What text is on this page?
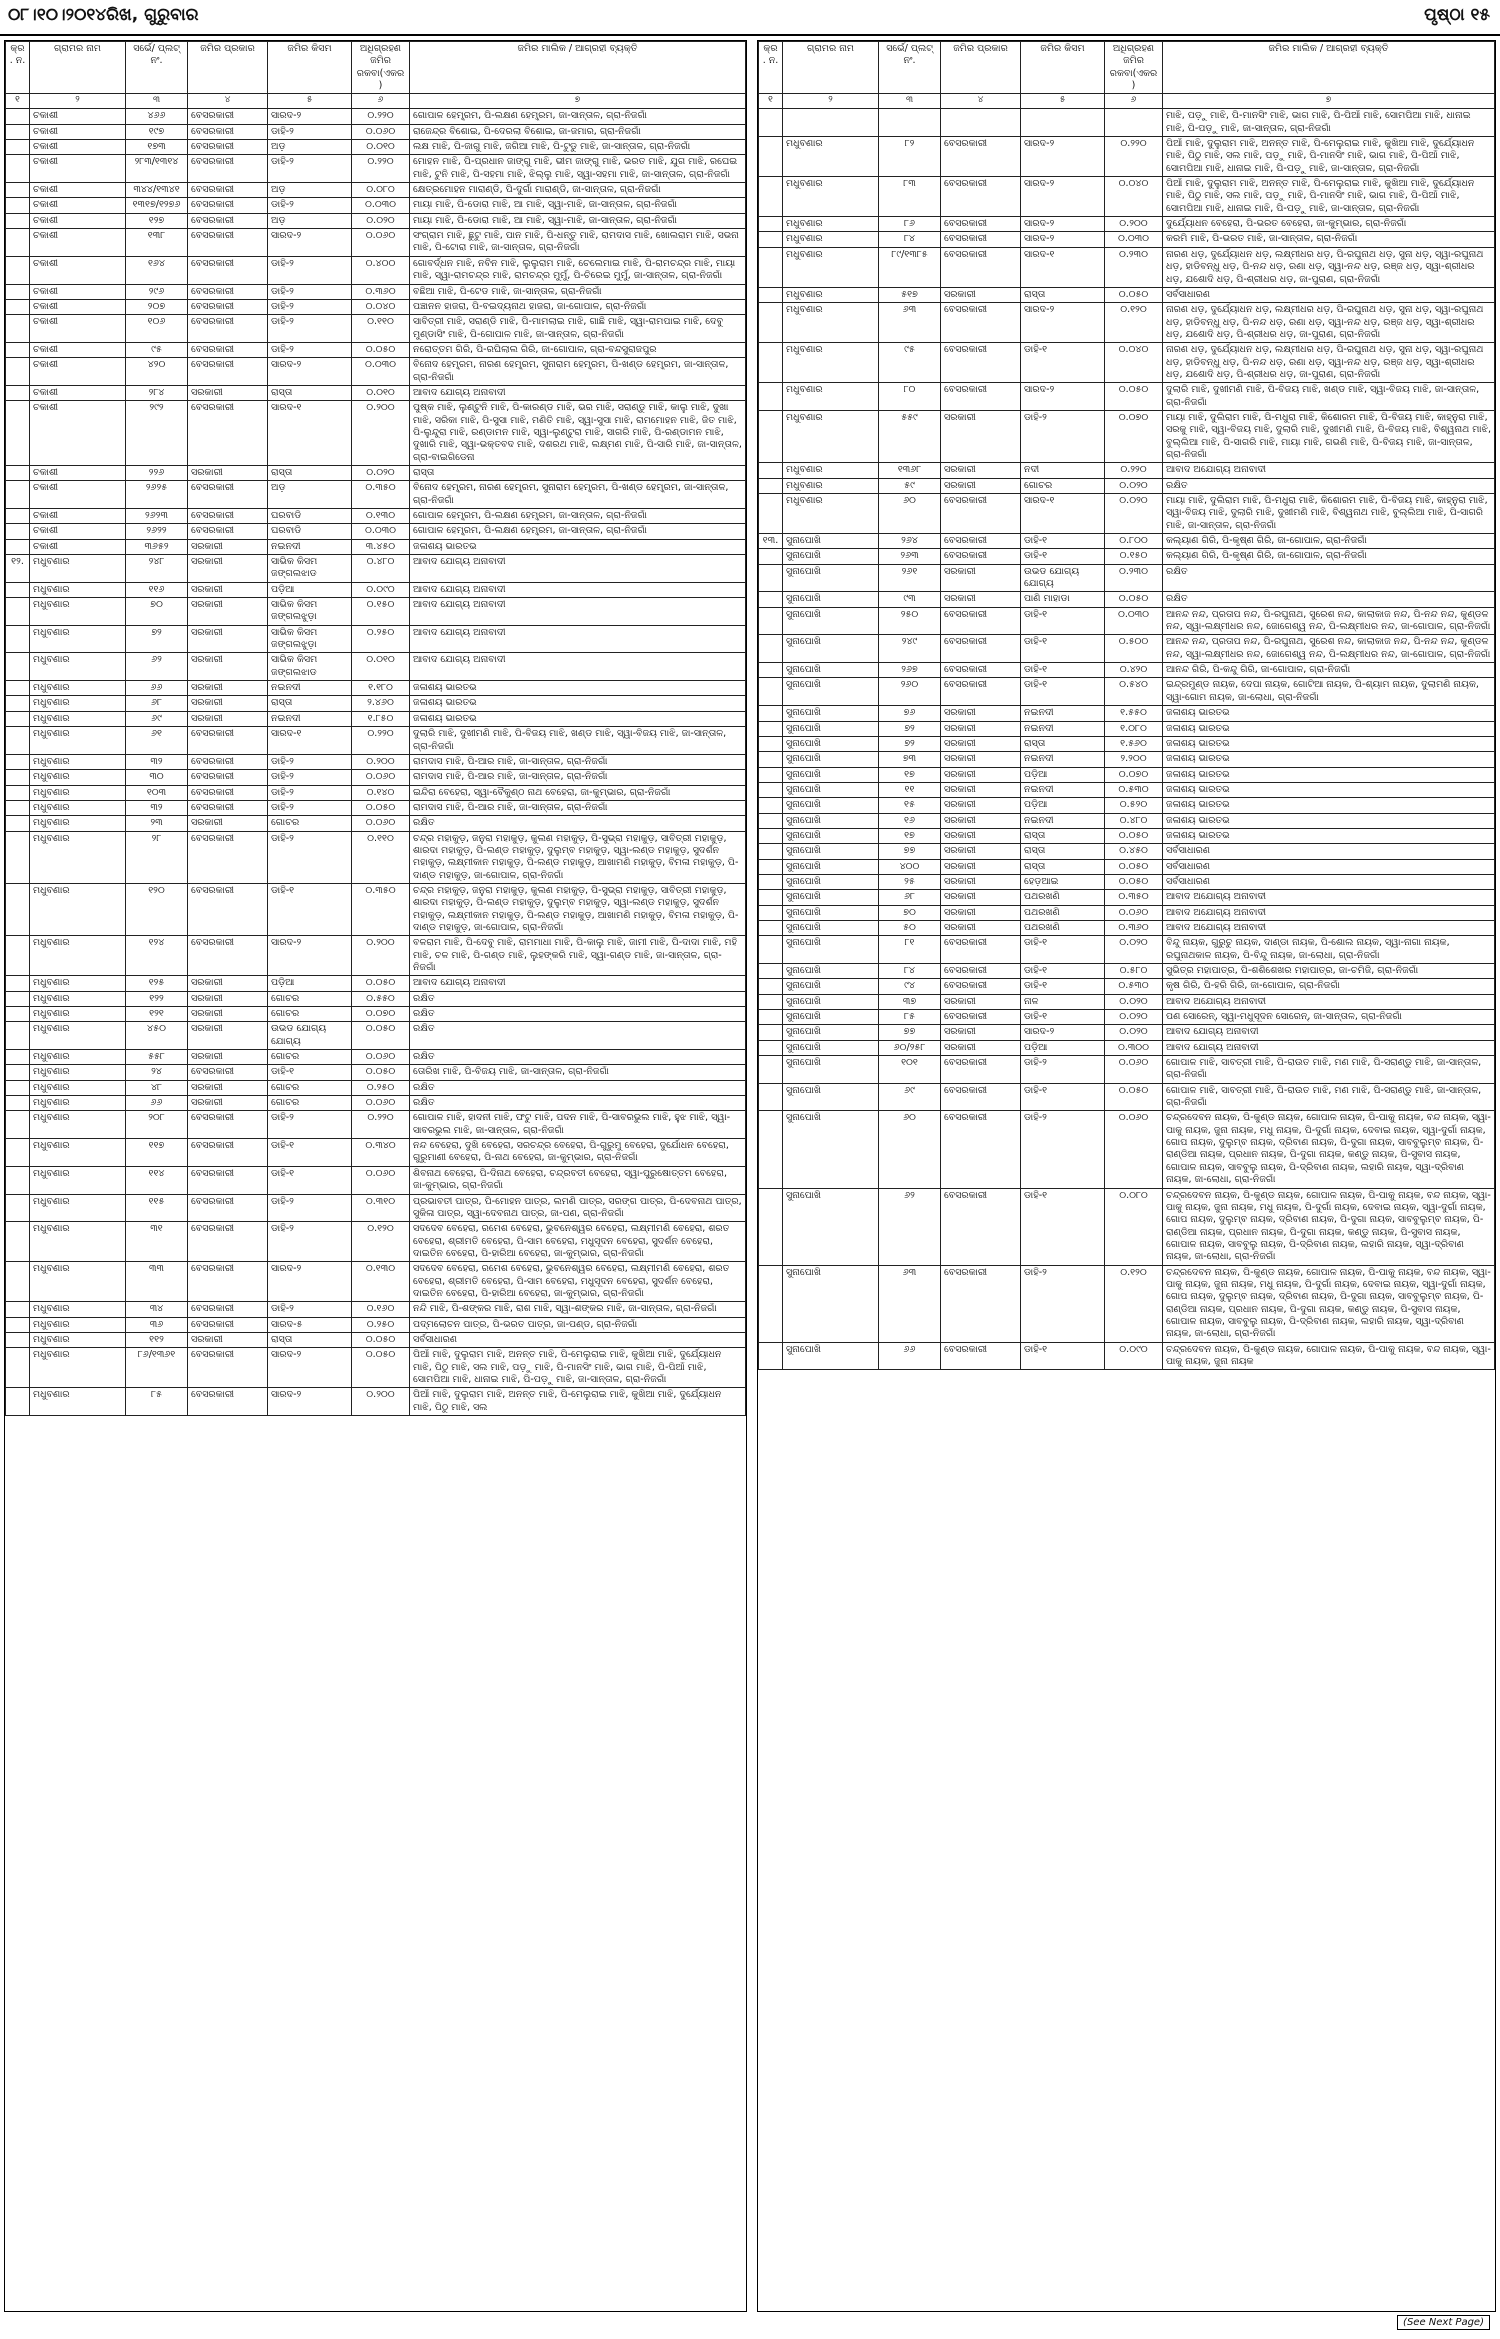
୦୮।୧୦।୨୦୧୪ରିଖ, ଗୁରୁବାର	ପୃଷ୍ଠା ୧୫
କ୍ର. ନ.	ଗ୍ରାମର ନାମ	ସର୍ଭେ/ ପ୍ଲଟ୍ ନଂ.	ଜମିର ପ୍ରକାର	ଜମିର କିସମ	ଅଧିଗ୍ରହଣ ଜମିର ରକବା(ଏକର)	ଜମିର ମାଲିକ / ଆଗ୍ରହୀ ବ୍ୟକ୍ତି
୧	୨	୩	୪	୫	୬	୭
	ଚକାଶୀ	୪୬୬	ବେସରକାରୀ	ସାରଦ-୨	୦.୨୨୦	ଗୋପାଳ ହେମ୍ବ୍ରମ, ପି-ଲକ୍ଷଣ ହେମ୍ବ୍ରମ, ଜା-ସାନ୍ତାଳ, ଗ୍ରା-ନିଜଗାଁ
	ଚକାଶୀ	୧୯୭	ବେସରକାରୀ	ଡାହି-୨	୦.୦୬୦	ରାଜେନ୍ଦ୍ର ବିଶୋଇ, ପି-ଦେରଲା ବିଶୋଇ, ଜା-ଜମାର, ଗ୍ରା-ନିଜଗାଁ
	ଚକାଶୀ	୧୭୩	ବେସରକାରୀ	ଅଡ଼	୦.୦୧୦	ଲକ୍ଷ ମାଝି, ପି-ଜାଗୁ ମାଝି, ଜଗିଆ ମାଝି, ପି-ଟୁଡୁ ମାଝି, ଜା-ସାନ୍ତାଳ, ଗ୍ରା-ନିଜଗାଁ
	ଚକାଶୀ	୨୮୩/୧୩୧୪	ବେସରକାରୀ	ଡାହି-୨	୦.୨୨୦	ମୋହନ ମାଝି, ପି-ପ୍ରଧାନ ଜାଙ୍ଗୁ ମାଝି, ଭୀମ ଜାଙ୍ଗୁ ମାଝି, ଭରତ ମାଝି, ଯୁଗ ମାଝି, ରଘେଇ ମାଝି, ଟୁନି ମାଝି, ପି-ସହମା ମାଝି, ଝିଲ୍ଲୁ ମାଝି, ସ୍ୱା-ସହମା ମାଝି, ଜା-ସାନ୍ତାଳ, ଗ୍ରା-ନିଜଗାଁ
	ଚକାଶୀ	୩୪୪/୧୩୪୧	ବେସରକାରୀ	ଅଡ଼	୦.୦୮୦	କ୍ଷେତ୍ରମୋହନ ମାରାଣ୍ଡି, ପି-ଦୁର୍ଗା ମାରାଣ୍ଡି, ଜା-ସାନ୍ତାଳ, ଗ୍ରା-ନିଜଗାଁ
	ଚକାଶୀ	୧୩୧୭/୧୨୭୬	ବେସରକାରୀ	ଡାହି-୨	୦.୦୩୦	ମାୟା ମାଝି, ପି-ଡୋରା ମାଝି, ଆ ମାଝି, ସ୍ୱା-ମାଝି, ଜା-ସାନ୍ତାଳ, ଗ୍ରା-ନିଜଗାଁ
	ଚକାଶୀ	୧୨୭	ବେସରକାରୀ	ଅଡ଼	୦.୦୨୦	ମାୟା ମାଝି, ପି-ଡୋରା ମାଝି, ଆ ମାଝି, ସ୍ୱା-ମାଝି, ଜା-ସାନ୍ତାଳ, ଗ୍ରା-ନିଜଗାଁ
	ଚକାଶୀ	୧୩୮	ବେସରକାରୀ	ସାରଦ-୨	୦.୦୬୦	ସଂଗ୍ରାମ ମାଝି, ଛୁଟୁ ମାଝି, ପାନ ମାଝି, ପି-ଧନ୍ତୁ ମାଝି, ରାମଦାସ ମାଝି, ଖୋଲରାମ ମାଝି, ସଭନା ମାଝି, ପି-ଟୋରା ମାଝି, ଜା-ସାନ୍ତାଳ, ଗ୍ରା-ନିଜଗାଁ
	ଚକାଶୀ	୧୬୪	ବେସରକାରୀ	ଡାହି-୨	୦.୪୦୦	ଗୋବର୍ଦ୍ଧନ ମାଝି, ନବିନ ମାଝି, ଲୁଲୁରାମ ମାଝି, ଚେଲେମାଇ ମାଝି, ପି-ରାମଚନ୍ଦ୍ର ମାଝି, ମାୟା ମାଝି, ସ୍ୱା-ରାମଚନ୍ଦ୍ର ମାଝି, ରାମଚନ୍ଦ୍ର ମୁର୍ମୁ, ପି-ଚିରେଇ ମୁର୍ମୁ, ଜା-ସାନ୍ତାଳ, ଗ୍ରା-ନିଜଗାଁ
	ଚକାଶୀ	୨୯୬	ବେସରକାରୀ	ଡାହି-୨	୦.୩୬୦	ବଛିଆ ମାଝି, ପି-ଟେଡ ମାଝି, ଜା-ସାନ୍ତାଳ, ଗ୍ରା-ନିଜଗାଁ
	ଚକାଶୀ	୨୦୭	ବେସରକାରୀ	ଡାହି-୨	୦.୦୪୦	ପଞ୍ଚାନନ ହାଜରା, ପି-ବଇଦ୍ୟନାଥ ହାଜରା, ଜା-ଗୋପାଳ, ଗ୍ରା-ନିଜଗାଁ
	ଚକାଶୀ	୧୦୬	ବେସରକାରୀ	ଡାହି-୨	୦.୧୧୦	ସାବିତ୍ରୀ ମାଝି, ସରାଣ୍ଡି ମାଝି, ପି-ମାମଲାଇ ମାଝି, ଗାଛି ମାଝି, ସ୍ୱା-ରାମପାଇ ମାଝି, ଦେବୁ ମୁଣ୍ଡାସିଂ ମାଝି, ପି-ଗୋପାଳ ମାଝି, ଜା-ସାନ୍ତାଳ, ଗ୍ରା-ନିଜଗାଁ
	ଚକାଶୀ	୯୫	ବେସରକାରୀ	ଡାହି-୨	୦.୦୫୦	ନରୋତ୍ତମ ଗିରି, ପି-ରଘିଲାଲ ଗିରି, ଜା-ଗୋପାଳ, ଗ୍ରା-ବନ୍ଦସୁରାଜପୁର
	ଚକାଶୀ	୪୨୦	ବେସରକାରୀ	ସାରଦ-୨	୦.୦୩୦	ବିନୋଦ ହେମ୍ବ୍ରମ, ନାରଣ ହେମ୍ବ୍ରମ, ସୁନାରାମ ହେମ୍ବ୍ରମ, ପି-ଖଣ୍ଡ ହେମ୍ବ୍ରମ, ଜା-ସାନ୍ତାଳ, ଗ୍ରା-ନିଜଗାଁ
	ଚକାଶୀ	୨୮୪	ସରକାରୀ	ରାସ୍ତା	୦.୦୧୦	ଆବାଦ ଯୋଗ୍ୟ ଅନାବାଦୀ
	ଚକାଶୀ	୨୯୨	ବେସରକାରୀ	ସାରଦ-୧	୦.୨୦୦	ପୁଷ୍କ ମାଝି, ଲୁଣ୍ଟୁନି ମାଝି, ପି-କାରଣ୍ଡ ମାଝି, ଭର ମାଝି, ସରାଣ୍ଡୁ ମାଝି, କାଲୁ ମାଝି, ଦୁଖା ମାଝି, ସରିକା ମାଝି, ପି-ସୁସା ମାଝି, ମଣିତି ମାଝି, ସ୍ୱା-ସୁସା ମାଝି, ରାମମୋହନ ମାଝି, ଜିତ ମାଝି, ପି-ଲୁନ୍ଦୁରା ମାଝି, ରଣ୍ଡାମନ ମାଝି, ସ୍ୱା-ଲୁଣ୍ଟୁରା ମାଝି, ସାଗରି ମାଝି, ପି-ରଣ୍ଡାମନ ମାଝି, ଦୁଖାରି ମାଝି, ସ୍ୱା-ଭକ୍ତବଦ ମାଝି, ଦଶରଥ ମାଝି, ଲକ୍ଷ୍ମଣ ମାଝି, ପି-ସାରି ମାଝି, ଜା-ସାନ୍ତାଳ, ଗ୍ରା-ବାଇଗିଡେନା
	ଚକାଶୀ	୨୨୬	ସରକାରୀ	ରାସ୍ତା	୦.୦୨୦	ରାସ୍ତା
	ଚକାଶୀ	୨୬୨୫	ବେସରକାରୀ	ଅଡ଼	୦.୩୫୦	ବିନୋଦ ହେମ୍ବ୍ରମ, ନାରଣ ହେମ୍ବ୍ରମ, ସୁନାରାମ ହେମ୍ବ୍ରମ, ପି-ଖଣ୍ଡ ହେମ୍ବ୍ରମ, ଜା-ସାନ୍ତାଳ, ଗ୍ରା-ନିଜଗାଁ
	ଚକାଶୀ	୨୬୨୩	ବେସରକାରୀ	ଘରବାଡି	୦.୧୩୦	ଗୋପାଳ ହେମ୍ବ୍ରମ, ପି-ଲକ୍ଷଣ ହେମ୍ବ୍ରମ, ଜା-ସାନ୍ତାଳ, ଗ୍ରା-ନିଜଗାଁ
	ଚକାଶୀ	୨୬୨୨	ବେସରକାରୀ	ଘରବାଡି	୦.୦୩୦	ଗୋପାଳ ହେମ୍ବ୍ରମ, ପି-ଲକ୍ଷଣ ହେମ୍ବ୍ରମ, ଜା-ସାନ୍ତାଳ, ଗ୍ରା-ନିଜଗାଁ
	ଚକାଶୀ	୩୬୫୨	ସରକାରୀ	ନଇନଦୀ	୩.୪୫୦	ଜଳାଶୟ ଭାରତଭ
୧୨.	ମଧୁବଣାର	୨୪୮	ସରକାରୀ	ସାଭିକ କିସମ ଜଙ୍ଗଲଝାଡ	୦.୪୮୦	ଆବାଦ ଯୋଗ୍ୟ ଅନାବାଦୀ
	ମଧୁବଣାର	୧୧୬	ସରକାରୀ	ପଡ଼ିଆ	୦.୦୯୦	ଆବାଦ ଯୋଗ୍ୟ ଅନାବାଦୀ
	ମଧୁବଣାର	୭୦	ସରକାରୀ	ସାଭିକ କିସମ ଜଙ୍ଗଲଝୁଡ଼ା	୦.୧୫୦	ଆବାଦ ଯୋଗ୍ୟ ଅନାବାଦୀ
	ମଧୁବଣାର	୭୨	ସରକାରୀ	ସାଭିକ କିସମ ଜଙ୍ଗଲଝୁଡ଼ା	୦.୨୫୦	ଆବାଦ ଯୋଗ୍ୟ ଅନାବାଦୀ
	ମଧୁବଣାର	୬୨	ସରକାରୀ	ସାଭିକ କିସମ ଜଙ୍ଗଲଝାଡ	୦.୦୧୦	ଆବାଦ ଯୋଗ୍ୟ ଅନାବାଦୀ
	ମଧୁବଣାର	୬୬	ସରକାରୀ	ନଇନଦୀ	୧.୧୮୦	ଜଳାଶୟ ଭାରତଭ
	ମଧୁବଣାର	୬୮	ସରକାରୀ	ରାସ୍ତା	୨.୪୬୦	ଜଳାଶୟ ଭାରତଭ
	ମଧୁବଣାର	୬୯	ସରକାରୀ	ନଇନଦୀ	୧.୮୫୦	ଜଳାଶୟ ଭାରତଭ
	ମଧୁବଣାର	୬୧	ବେସରକାରୀ	ସାରଦ-୧	୦.୨୨୦	ଦୁଲାରି ମାଝି, ଦୁଖୀମଣି ମାଝି, ପି-ବିଜୟ ମାଝି, ଖଣ୍ଡ ମାଝି, ସ୍ୱା-ବିଜୟ ମାଝି, ଜା-ସାନ୍ତାଳ, ଗ୍ରା-ନିଜଗାଁ
	ମଧୁବଣାର	୩୨	ବେସରକାରୀ	ଡାହି-୨	୦.୨୦୦	ରାମଦାସ ମାଝି, ପି-ଆର ମାଝି, ଜା-ସାନ୍ତାଳ, ଗ୍ରା-ନିଜଗାଁ
	ମଧୁବଣାର	୩୦	ବେସରକାରୀ	ଡାହି-୨	୦.୦୬୦	ରାମଦାସ ମାଝି, ପି-ଆର ମାଝି, ଜା-ସାନ୍ତାଳ, ଗ୍ରା-ନିଜଗାଁ
	ମଧୁବଣାର	୧୦୩	ବେସରକାରୀ	ଡାହି-୨	୦.୧୪୦	ଇନ୍ଦିରା ବେହେରା, ସ୍ୱା-ବୈକୁଣ୍ଠ ନାଥ ବେହେରା, ଜା-କୁମ୍ଭାର, ଗ୍ରା-ନିଜଗାଁ
	ମଧୁବଣାର	୩୨	ବେସରକାରୀ	ଡାହି-୨	୦.୦୫୦	ରାମଦାସ ମାଝି, ପି-ଆର ମାଝି, ଜା-ସାନ୍ତାଳ, ଗ୍ରା-ନିଜଗାଁ
	ମଧୁବଣାର	୨୩	ସରକାରୀ	ଗୋଚର	୦.୦୬୦	ରକ୍ଷିତ
	ମଧୁବଣାର	୨୮	ବେସରକାରୀ	ଡାହି-୨	୦.୧୧୦	ଚନ୍ଦ୍ର ମହାକୁଡ଼, ଜନୁରା ମହାକୁଡ଼, କୁଲଣ ମହାକୁଡ଼, ପି-ସୁଭ୍ରା ମହାକୁଡ଼, ସାବିତ୍ରୀ ମହାକୁଡ଼, ଶାରଦା ମହାକୁଡ଼, ପି-ଲଣ୍ଡ ମହାକୁଡ଼, ଦୁଲୁମ୍ବ ମହାକୁଡ଼, ସ୍ୱା-ଲଣ୍ଡ ମହାକୁଡ଼, ସୁଦର୍ଶନ ମହାକୁଡ଼, ଲକ୍ଷ୍ମୀକାନ ମହାକୁଡ଼, ପି-ଲଣ୍ଡ ମହାକୁଡ଼, ଆଖାମଣି ମହାକୁଡ଼, ବିମଳା ମହାକୁଡ଼, ପି-ଦାଣ୍ଡ ମହାକୁଡ଼, ଜା-ଗୋପାଳ, ଗ୍ରା-ନିଜଗାଁ
	ମଧୁବଣାର	୧୨୦	ବେସରକାରୀ	ଡାହି-୧	୦.୩୫୦	ଚନ୍ଦ୍ର ମହାକୁଡ଼, ଜନୁରା ମହାକୁଡ଼, କୁଲଣ ମହାକୁଡ଼, ପି-ସୁଭ୍ରା ମହାକୁଡ଼, ସାବିତ୍ରୀ ମହାକୁଡ଼, ଶାରଦା ମହାକୁଡ଼, ପି-ଲଣ୍ଡ ମହାକୁଡ଼, ଦୁଲୁମ୍ବ ମହାକୁଡ଼, ସ୍ୱା-ଲଣ୍ଡ ମହାକୁଡ଼, ସୁଦର୍ଶନ ମହାକୁଡ଼, ଲକ୍ଷ୍ମୀକାନ ମହାକୁଡ଼, ପି-ଲଣ୍ଡ ମହାକୁଡ଼, ଆଖାମଣି ମହାକୁଡ଼, ବିମଳା ମହାକୁଡ଼, ପି-ଦାଣ୍ଡ ମହାକୁଡ଼, ଜା-ଗୋପାଳ, ଗ୍ରା-ନିଜଗାଁ
	ମଧୁବଣାର	୧୨୪	ବେସରକାରୀ	ସାରଦ-୨	୦.୨୦୦	ବଳରାମ ମାଝି, ପି-ଦେବୁ ମାଝି, ରାମମାଧା ମାଝି, ପି-କାଲୁ ମାଝି, ଜାମୀ ମାଝି, ପି-ଦାଦା ମାଝି, ମହି ମାଝି, ଚଳ ମାଝି, ପି-ଗଣ୍ଡ ମାଝି, ଲୁହଙ୍କରି ମାଝି, ସ୍ୱା-ଗଣ୍ଡ ମାଝି, ଜା-ସାନ୍ତାଳ, ଗ୍ରା-ନିଜଗାଁ
	ମଧୁବଣାର	୧୨୫	ସରକାରୀ	ପଡ଼ିଆ	୦.୦୫୦	ଆବାଦ ଯୋଗ୍ୟ ଅନାବାଦୀ
	ମଧୁବଣାର	୧୨୨	ସରକାରୀ	ଗୋଚର	୦.୫୫୦	ରକ୍ଷିତ
	ମଧୁବଣାର	୧୨୧	ସରକାରୀ	ଗୋଚର	୦.୦୭୦	ରକ୍ଷିତ
	ମଧୁବଣାର	୪୫୦	ସରକାରୀ	ଉଭଡ ଯୋଗ୍ୟ ଯୋଗ୍ୟ	୦.୦୫୦	ରକ୍ଷିତ
	ମଧୁବଣାର	୫୫୮	ସରକାରୀ	ଗୋଚର	୦.୦୬୦	ରକ୍ଷିତ
	ମଧୁବଣାର	୨୪	ବେସରକାରୀ	ଡାହି-୧	୦.୦୫୦	ତୋରିଖ ମାଝି, ପି-ବିଜୟ ମାଝି, ଜା-ସାନ୍ତାଳ, ଗ୍ରା-ନିଜଗାଁ
	ମଧୁବଣାର	୪୮	ସରକାରୀ	ଗୋଚର	୦.୨୫୦	ରକ୍ଷିତ
	ମଧୁବଣାର	୬୬	ସରକାରୀ	ଗୋଚର	୦.୦୬୦	ରକ୍ଷିତ
	ମଧୁବଣାର	୨୦୮	ବେସରକାରୀ	ଡାହି-୨	୦.୨୨୦	ଗୋପାଳ ମାଝି, ହାଦନୀ ମାଝି, ଫଟୁ ମାଝି, ପଦନ ମାଝି, ପି-ସାବରଭୁଲ ମାଝି, ହୁଝ ମାଝି, ସ୍ୱା-ସାବରଭୁଲ ମାଝି, ଜା-ସାନ୍ତାଳ, ଗ୍ରା-ନିଜଗାଁ
	ମଧୁବଣାର	୧୧୭	ବେସରକାରୀ	ଡାହି-୧	୦.୩୪୦	ନନ୍ଦ ବେହେରା, ଦୁଖି ବେହେରା, ସରଚନ୍ଦ୍ର ବେହେରା, ପି-ଗୁରୁମୁ ବେହେରା, ଦୁର୍ଯୋଧନ ବେହେରା, ଗୁରୁମାଣୀ ବେହେରା, ପି-ନାଥ ବେହେରା, ଜା-କୁମ୍ଭାର, ଗ୍ରା-ନିଜଗାଁ
	ମଧୁବଣାର	୧୧୪	ବେସରକାରୀ	ଡାହି-୧	୦.୦୬୦	ଶିବନାଥ ବେହେରା, ପି-ଦିନାଥ ବେହେରା, ଚନ୍ଦ୍ରବତୀ ବେହେରା, ସ୍ୱା-ପୁରୁଷୋତ୍ତମ ବେହେରା, ଜା-କୁମ୍ଭାର, ଗ୍ରା-ନିଜଗାଁ
	ମଧୁବଣାର	୧୧୫	ବେସରକାରୀ	ଡାହି-୨	୦.୩୧୦	ପ୍ରଭାବତୀ ପାତ୍ର, ପି-ମୋହନ ପାତ୍ର, ଲମଣି ପାତ୍ର, ସରଙ୍ଗ ପାତ୍ର, ପି-ଦେବନାଥ ପାତ୍ର, ସୁକିଳା ପାତ୍ର, ସ୍ୱା-ଦେବନାଥ ପାତ୍ର, ଜା-ପଣ, ଗ୍ରା-ନିଜଗାଁ
	ମଧୁବଣାର	୩୧	ବେସରକାରୀ	ଡାହି-୨	୦.୧୨୦	ସଦଦେବ ବେହେରା, ରମେଶ ବେହେରା, ଭୁବନେଶ୍ୱର ବେହେରା, ଲକ୍ଷ୍ମୀମଣି ବେହେରା, ଶରତ ବେହେରା, ଶ୍ରୀମତି ବେହେରା, ପି-ସାମ ବେହେରା, ମଧୁସୂଦନ ବେହେରା, ସୁଦର୍ଶନ ବେହେରା, ଦାଇତିନ ବେହେରା, ପି-ହାରିଆ ବେହେରା, ଜା-କୁମ୍ଭାର, ଗ୍ରା-ନିଜଗାଁ
	ମଧୁବଣାର	୩୩	ବେସରକାରୀ	ସାରଦ-୨	୦.୧୩୦	ସଦଦେବ ବେହେରା, ରମେଶ ବେହେରା, ଭୁବନେଶ୍ୱର ବେହେରା, ଲକ୍ଷ୍ମୀମଣି ବେହେରା, ଶରତ ବେହେରା, ଶ୍ରୀମତି ବେହେରା, ପି-ସାମ ବେହେରା, ମଧୁସୂଦନ ବେହେରା, ସୁଦର୍ଶନ ବେହେରା, ଦାଇତିନ ବେହେରା, ପି-ହାରିଆ ବେହେରା, ଜା-କୁମ୍ଭାର, ଗ୍ରା-ନିଜଗାଁ
	ମଧୁବଣାର	୩୪	ବେସରକାରୀ	ଡାହି-୨	୦.୧୬୦	ନନ୍ଦି ମାଝି, ପି-ଶଙ୍କର ମାଝି, ରାଶ ମାଝି, ସ୍ୱା-ଶଙ୍କର ମାଝି, ଜା-ସାନ୍ତାଳ, ଗ୍ରା-ନିଜଗାଁ
	ମଧୁବଣାର	୩୬	ବେସରକାରୀ	ସାରଦ-୫	୦.୨୫୦	ପଦ୍ମଲୋଚନ ପାତ୍ର, ପି-ଭରତ ପାତ୍ର, ଜା-ପଣ୍ଡ, ଗ୍ରା-ନିଜଗାଁ
	ମଧୁବଣାର	୧୧୨	ସରକାରୀ	ରାସ୍ତା	୦.୦୫୦	ସର୍ବସାଧାରଣ
	ମଧୁବଣାର	୮୬/୧୩୬୧	ବେସରକାରୀ	ସାରଦ-୨	୦.୦୫୦	ପିଆଁ ମାଝି, ଦୁଲୁରାମ ମାଝି, ଅନନ୍ତ ମାଝି, ପି-ମେଲୁରାଇ ମାଝି, କୁଖିଆ ମାଝି, ଦୁର୍ଯ୍ୟୋଧନ ମାଝି, ପିଠୁ ମାଝି, ସଲ ମାଝି, ପଡ଼ୁ ମାଝି, ପି-ମାନସିଂ ମାଝି, ଭାଗ ମାଝି, ପି-ପିଆଁ ମାଝି, ସୋମପିଆ ମାଝି, ଧାନାଇ ମାଝି, ପି-ପଡ଼ୁ ମାଝି, ଜା-ସାନ୍ତାଳ, ଗ୍ରା-ନିଜଗାଁ
	ମଧୁବଣାର	୮୫	ବେସରକାରୀ	ସାରଦ-୨	୦.୨୦୦	ପିଆଁ ମାଝି, ଦୁଲୁରାମ ମାଝି, ଅନନ୍ତ ମାଝି, ପି-ମେଲୁରାଇ ମାଝି, କୁଖିଆ ମାଝି, ଦୁର୍ଯ୍ୟୋଧନ ମାଝି, ପିଠୁ ମାଝି, ସଲ
କ୍ର. ନ.	ଗ୍ରାମର ନାମ	ସର୍ଭେ/ ପ୍ଲଟ୍ ନଂ.	ଜମିର ପ୍ରକାର	ଜମିର କିସମ	ଅଧିଗ୍ରହଣ ଜମିର ରକବା(ଏକର)	ଜମିର ମାଲିକ / ଆଗ୍ରହୀ ବ୍ୟକ୍ତି
୧	୨	୩	୪	୫	୬	୭
						ମାଝି, ପଡ଼ୁ ମାଝି, ପି-ମାନସିଂ ମାଝି, ଭାଗ ମାଝି, ପି-ପିଆଁ ମାଝି, ସୋମପିଆ ମାଝି, ଧାନାଇ ମାଝି, ପି-ପଡ଼ୁ ମାଝି, ଜା-ସାନ୍ତାଳ, ଗ୍ରା-ନିଜଗାଁ
	ମଧୁବଣାର	୮୨	ବେସରକାରୀ	ସାରଦ-୨	୦.୨୨୦	ପିଆଁ ମାଝି, ଦୁଲୁରାମ ମାଝି, ଅନନ୍ତ ମାଝି, ପି-ମେଲୁରାଇ ମାଝି, କୁଖିଆ ମାଝି, ଦୁର୍ଯ୍ୟୋଧନ ମାଝି, ପିଠୁ ମାଝି, ସଲ ମାଝି, ପଡ଼ୁ ମାଝି, ପି-ମାନସିଂ ମାଝି, ଭାଗ ମାଝି, ପି-ପିଆଁ ମାଝି, ସୋମପିଆ ମାଝି, ଧାନାଇ ମାଝି, ପି-ପଡ଼ୁ ମାଝି, ଜା-ସାନ୍ତାଳ, ଗ୍ରା-ନିଜଗାଁ
	ମଧୁବଣାର	୮୩	ବେସରକାରୀ	ସାରଦ-୨	୦.୦୪୦	ପିଆଁ ମାଝି, ଦୁଲୁରାମ ମାଝି, ଅନନ୍ତ ମାଝି, ପି-ମେଲୁରାଇ ମାଝି, କୁଖିଆ ମାଝି, ଦୁର୍ଯ୍ୟୋଧନ ମାଝି, ପିଠୁ ମାଝି, ସଲ ମାଝି, ପଡ଼ୁ ମାଝି, ପି-ମାନସିଂ ମାଝି, ଭାଗ ମାଝି, ପି-ପିଆଁ ମାଝି, ସୋମପିଆ ମାଝି, ଧାନାଇ ମାଝି, ପି-ପଡ଼ୁ ମାଝି, ଜା-ସାନ୍ତାଳ, ଗ୍ରା-ନିଜଗାଁ
	ମଧୁବଣାର	୮୬	ବେସରକାରୀ	ସାରଦ-୨	୦.୨୦୦	ଦୁର୍ଯ୍ୟୋଧନ ବେହେରା, ପି-ଭରତ ବେହେରା, ଜା-କୁମ୍ଭାର, ଗ୍ରା-ନିଜଗାଁ
	ମଧୁବଣାର	୮୪	ବେସରକାରୀ	ସାରଦ-୨	୦.୦୩୦	କରମି ମାଝି, ପି-ଭରତ ମାଝି, ଜା-ସାନ୍ତାଳ, ଗ୍ରା-ନିଜଗାଁ
	ମଧୁବଣାର	୮୯/୧୩୮୫	ବେସରକାରୀ	ସାରଦ-୧	୦.୨୩୦	ନାରଣ ଧଡ଼, ଦୁର୍ଯ୍ୟୋଧନ ଧଡ଼, ଲକ୍ଷ୍ମୀଧର ଧଡ଼, ପି-ରଘୁନାଥ ଧଡ଼, ସୁନା ଧଡ଼, ସ୍ୱା-ରଘୁନାଥ ଧଡ଼, ହାଡିବନ୍ଧୁ ଧଡ଼, ପି-ନନ୍ଦ ଧଡ଼, ରଣା ଧଡ଼, ସ୍ୱା-ନନ୍ଦ ଧଡ଼, ରଞ୍ଜ ଧଡ଼, ସ୍ୱା-ଶ୍ରୀଧର ଧଡ଼, ଯଶୋଦି ଧଡ଼, ପି-ଶ୍ରୀଧର ଧଡ଼, ଜା-ପୁରାଣ, ଗ୍ରା-ନିଜଗାଁ
	ମଧୁବଣାର	୫୧୭	ସରକାରୀ	ରାସ୍ତା	୦.୦୫୦	ସର୍ବସାଧାରଣ
	ମଧୁବଣାର	୬୩	ବେସରକାରୀ	ସାରଦ-୨	୦.୧୨୦	ନାରଣ ଧଡ଼, ଦୁର୍ଯ୍ୟୋଧନ ଧଡ଼, ଲକ୍ଷ୍ମୀଧର ଧଡ଼, ପି-ରଘୁନାଥ ଧଡ଼, ସୁନା ଧଡ଼, ସ୍ୱା-ରଘୁନାଥ ଧଡ଼, ହାଡିବନ୍ଧୁ ଧଡ଼, ପି-ନନ୍ଦ ଧଡ଼, ରଣା ଧଡ଼, ସ୍ୱା-ନନ୍ଦ ଧଡ଼, ରଞ୍ଜ ଧଡ଼, ସ୍ୱା-ଶ୍ରୀଧର ଧଡ଼, ଯଶୋଦି ଧଡ଼, ପି-ଶ୍ରୀଧର ଧଡ଼, ଜା-ପୁରାଣ, ଗ୍ରା-ନିଜଗାଁ
	ମଧୁବଣାର	୯୫	ବେସରକାରୀ	ଡାହି-୧	୦.୦୪୦	ନାରଣ ଧଡ଼, ଦୁର୍ଯ୍ୟୋଧନ ଧଡ଼, ଲକ୍ଷ୍ମୀଧର ଧଡ଼, ପି-ରଘୁନାଥ ଧଡ଼, ସୁନା ଧଡ଼, ସ୍ୱା-ରଘୁନାଥ ଧଡ଼, ହାଡିବନ୍ଧୁ ଧଡ଼, ପି-ନନ୍ଦ ଧଡ଼, ରଣା ଧଡ଼, ସ୍ୱା-ନନ୍ଦ ଧଡ଼, ରଞ୍ଜ ଧଡ଼, ସ୍ୱା-ଶ୍ରୀଧର ଧଡ଼, ଯଶୋଦି ଧଡ଼, ପି-ଶ୍ରୀଧର ଧଡ଼, ଜା-ପୁରାଣ, ଗ୍ରା-ନିଜଗାଁ
	ମଧୁବଣାର	୮୦	ବେସରକାରୀ	ସାରଦ-୨	୦.୦୫୦	ଦୁଲାରି ମାଝି, ଦୁଖୀମଣି ମାଝି, ପି-ବିଜୟ ମାଝି, ଖଣ୍ଡ ମାଝି, ସ୍ୱା-ବିଜୟ ମାଝି, ଜା-ସାନ୍ତାଳ, ଗ୍ରା-ନିଜଗାଁ
	ମଧୁବଣାର	୫୫୯	ସରକାରୀ	ଡାହି-୨	୦.୦୭୦	ମାୟା ମାଝି, ଦୁଲିରାମ ମାଝି, ପି-ମଧୁରା ମାଝି, କିଶୋରମ ମାଝି, ପି-ବିଜୟ ମାଝି, କାହ୍ନୁରା ମାଝି, ସରକୁ ମାଝି, ସ୍ୱା-ବିଜୟ ମାଝି, ଦୁଲାରି ମାଝି, ଦୁଖୀମଣି ମାଝି, ପି-ବିଜୟ ମାଝି, ବିଶ୍ୱନାଥ ମାଝି, ବୁଲ୍ଲିଆ ମାଝି, ପି-ସାଗରି ମାଝି, ମାୟା ମାଝି, ଗଭଣି ମାଝି, ପି-ବିଜୟ ମାଝି, ଜା-ସାନ୍ତାଳ, ଗ୍ରା-ନିଜଗାଁ
	ମଧୁବଣାର	୧୩୬୮	ସରକାରୀ	ନଦୀ	୦.୨୨୦	ଆବାଦ ଅଯୋଗ୍ୟ ଅନାବାଦୀ
	ମଧୁବଣାର	୫୯	ସରକାରୀ	ଗୋଚର	୦.୦୨୦	ରକ୍ଷିତ
	ମଧୁବଣାର	୬୦	ବେସରକାରୀ	ସାରଦ-୧	୦.୦୨୦	ମାୟା ମାଝି, ଦୁଲିରାମ ମାଝି, ପି-ମଧୁରା ମାଝି, କିଶୋରମ ମାଝି, ପି-ବିଜୟ ମାଝି, କାହ୍ନୁରା ମାଝି, ସ୍ୱା-ବିଜୟ ମାଝି, ଦୁଲାରି ମାଝି, ଦୁଖୀମଣି ମାଝି, ବିଶ୍ୱନାଥ ମାଝି, ବୁଲ୍ଲିଆ ମାଝି, ପି-ସାଗରି ମାଝି, ଜା-ସାନ୍ତାଳ, ଗ୍ରା-ନିଜଗାଁ
୧୩.	ସୁନାପୋଖି	୨୬୪	ବେସରକାରୀ	ଡାହି-୧	୦.୮୦୦	କଲ୍ୟାଣ ଗିରି, ପି-କୃଷ୍ଣ ଗିରି, ଜା-ଗୋପାଳ, ଗ୍ରା-ନିଜଗାଁ
	ସୁନାପୋଖି	୨୬୩	ବେସରକାରୀ	ଡାହି-୧	୦.୧୫୦	କଲ୍ୟାଣ ଗିରି, ପି-କୃଷ୍ଣ ଗିରି, ଜା-ଗୋପାଳ, ଗ୍ରା-ନିଜଗାଁ
	ସୁନାପୋଖି	୨୬୧	ସରକାରୀ	ଉଭଡ ଯୋଗ୍ୟ ଯୋଗ୍ୟ	୦.୨୩୦	ରକ୍ଷିତ
	ସୁନାପୋଖି	୯୩	ସରକାରୀ	ପାଣି ମାହାଡା	୦.୦୫୦	ରକ୍ଷିତ
	ସୁନାପୋଖି	୨୫୦	ବେସରକାରୀ	ଡାହି-୧	୦.୦୩୦	ଆନନ୍ଦ ନନ୍ଦ, ପ୍ରତାପ ନନ୍ଦ, ପି-ରଘୁନାଥ, ସୁରେଶ ନନ୍ଦ, କାଲାକାଜ ନନ୍ଦ, ପି-ନନ୍ଦ ନନ୍ଦ, କୁଣ୍ଡଳ ନନ୍ଦ, ସ୍ୱା-ଲକ୍ଷ୍ମୀଧର ନନ୍ଦ, ଜୋଗେଶ୍ୱ ନନ୍ଦ, ପି-ଲକ୍ଷ୍ମୀଧର ନନ୍ଦ, ଜା-ଗୋପାଳ, ଗ୍ରା-ନିଜଗାଁ
	ସୁନାପୋଖି	୨୪୯	ବେସରକାରୀ	ଡାହି-୧	୦.୫୦୦	ଆନନ୍ଦ ନନ୍ଦ, ପ୍ରତାପ ନନ୍ଦ, ପି-ରଘୁନାଥ, ସୁରେଶ ନନ୍ଦ, କାଲାକାଜ ନନ୍ଦ, ପି-ନନ୍ଦ ନନ୍ଦ, କୁଣ୍ଡଳ ନନ୍ଦ, ସ୍ୱା-ଲକ୍ଷ୍ମୀଧର ନନ୍ଦ, ଜୋଗେଶ୍ୱ ନନ୍ଦ, ପି-ଲକ୍ଷ୍ମୀଧର ନନ୍ଦ, ଜା-ଗୋପାଳ, ଗ୍ରା-ନିଜଗାଁ
	ସୁନାପୋଖି	୨୬୭	ବେସରକାରୀ	ଡାହି-୧	୦.୪୨୦	ଆନନ୍ଦ ଗିରି, ପି-କନ୍ଦୁ ଗିରି, ଜା-ଗୋପାଳ, ଗ୍ରା-ନିଜଗାଁ
	ସୁନାପୋଖି	୨୬୦	ବେସରକାରୀ	ଡାହି-୧	୦.୫୪୦	ଇନ୍ଦ୍ରମୁଣ୍ଡ ନାୟକ, ଦେପା ନାୟକ, ଗୋଟିଆ ନାୟକ, ପି-ଶ୍ୟାମ ନାୟକ, ଦୁଲାମଣି ନାୟକ, ସ୍ୱା-ଗୋମ ନାୟକ, ଜା-ଲୋଧା, ଗ୍ରା-ନିଜଗାଁ
	ସୁନାପୋଖି	୭୬	ସରକାରୀ	ନଇନଦୀ	୧.୫୫୦	ଜଳାଶୟ ଭାରତଭ
	ସୁନାପୋଖି	୭୨	ସରକାରୀ	ନଇନଦୀ	୧.୦୮୦	ଜଳାଶୟ ଭାରତଭ
	ସୁନାପୋଖି	୭୨	ସରକାରୀ	ରାସ୍ତା	୧.୫୬୦	ଜଳାଶୟ ଭାରତଭ
	ସୁନାପୋଖି	୭୩	ସରକାରୀ	ନଇନଦୀ	୨.୨୦୦	ଜଳାଶୟ ଭାରତଭ
	ସୁନାପୋଖି	୧୭	ସରକାରୀ	ପଡ଼ିଆ	୦.୦୭୦	ଜଳାଶୟ ଭାରତଭ
	ସୁନାପୋଖି	୧୧	ସରକାରୀ	ନଇନଦୀ	୦.୫୩୦	ଜଳାଶୟ ଭାରତଭ
	ସୁନାପୋଖି	୧୫	ସରକାରୀ	ପଡ଼ିଆ	୦.୫୨୦	ଜଳାଶୟ ଭାରତଭ
	ସୁନାପୋଖି	୧୬	ସରକାରୀ	ନଇନଦୀ	୦.୪୮୦	ଜଳାଶୟ ଭାରତଭ
	ସୁନାପୋଖି	୧୭	ସରକାରୀ	ରାସ୍ତା	୦.୦୫୦	ଜଳାଶୟ ଭାରତଭ
	ସୁନାପୋଖି	୭୭	ସରକାରୀ	ରାସ୍ତା	୦.୪୫୦	ସର୍ବସାଧାରଣ
	ସୁନାପୋଖି	୪୦୦	ସରକାରୀ	ରାସ୍ତା	୦.୦୫୦	ସର୍ବସାଧାରଣ
	ସୁନାପୋଖି	୨୫	ସରକାରୀ	ହେଡ଼ଆଇ	୦.୦୫୦	ସର୍ବସାଧାରଣ
	ସୁନାପୋଖି	୬୮	ସରକାରୀ	ପଥରଖଣି	୦.୩୫୦	ଆବାଦ ଅଯୋଗ୍ୟ ଅନାବାଦୀ
	ସୁନାପୋଖି	୭୦	ସରକାରୀ	ପଥରଖଣି	୦.୦୬୦	ଆବାଦ ଅଯୋଗ୍ୟ ଅନାବାଦୀ
	ସୁନାପୋଖି	୫୦	ସରକାରୀ	ପଥରଖଣି	୦.୩୬୦	ଆବାଦ ଅଯୋଗ୍ୟ ଅନାବାଦୀ
	ସୁନାପୋଖି	୮୧	ବେସରକାରୀ	ଡାହି-୧	୦.୦୨୦	ବିନ୍ଦୁ ନାୟକ, ଗୁରୁଚୁ ନାୟକ, ଦାଣ୍ଡା ନାୟକ, ପି-ଶୋଲ ନାୟକ, ସ୍ୱା-ନାଗା ନାୟକ, ରଘୁନାଥକାଳ ନାୟକ, ପି-ବିନ୍ଦୁ ନାୟକ, ଜା-ଲୋଧା, ଗ୍ରା-ନିଜଗାଁ
	ସୁନାପୋଖି	୮୪	ବେସରକାରୀ	ଡାହି-୧	୦.୫୮୦	ସୁଭିତ୍ର ମହାପାତ୍ର, ପି-ଶଶିଶେଖର ମହାପାତ୍ର, ଜା-ଚମିଜି, ଗ୍ରା-ନିଜଗାଁ
	ସୁନାପୋଖି	୯୪	ବେସରକାରୀ	ଡାହି-୧	୦.୫୩୦	କୃଷ ଗିରି, ପି-ହରି ଗିରି, ଜା-ଗୋପାଳ, ଗ୍ରା-ନିଜଗାଁ
	ସୁନାପୋଖି	୩୭	ସରକାରୀ	ନାଳ	୦.୦୨୦	ଆବାଦ ଅଯୋଗ୍ୟ ଅନାବାଦୀ
	ସୁନାପୋଖି	୮୫	ବେସରକାରୀ	ଡାହି-୧	୦.୦୨୦	ପଣ ସୋରେନ୍, ସ୍ୱା-ମଧୁସୂଦନ ସୋରେନ୍, ଜା-ସାନ୍ତାଳ, ଗ୍ରା-ନିଜଗାଁ
	ସୁନାପୋଖି	୭୭	ସରକାରୀ	ସାରଦ-୨	୦.୦୨୦	ଆବାଦ ଯୋଗ୍ୟ ଅନାବାଦୀ
	ସୁନାପୋଖି	୬୦/୨୫୮	ସରକାରୀ	ପଡ଼ିଆ	୦.୩୦୦	ଆବାଦ ଯୋଗ୍ୟ ଅନାବାଦୀ
	ସୁନାପୋଖି	୧୦୧	ବେସରକାରୀ	ଡାହି-୨	୦.୦୬୦	ଗୋପାଳ ମାଝି, ସାବତ୍ରୀ ମାଝି, ପି-ରାଉତ ମାଝି, ମଣ ମାଝି, ପି-ସରାଣ୍ଡୁ ମାଝି, ଜା-ସାନ୍ତାଳ, ଗ୍ରା-ନିଜଗାଁ
	ସୁନାପୋଖି	୬୯	ବେସରକାରୀ	ଡାହି-୧	୦.୦୫୦	ଗୋପାଳ ମାଝି, ସାବତ୍ରୀ ମାଝି, ପି-ରାଉତ ମାଝି, ମଣ ମାଝି, ପି-ସରାଣ୍ଡୁ ମାଝି, ଜା-ସାନ୍ତାଳ, ଗ୍ରା-ନିଜଗାଁ
	ସୁନାପୋଖି	୬୦	ବେସରକାରୀ	ଡାହି-୨	୦.୦୬୦	ଚନ୍ଦ୍ରଦେବନ ନାୟକ, ପି-କୁଣ୍ଡ ନାୟକ, ଗୋପାଳ ନାୟକ, ପି-ପାକୁ ନାୟକ, ବନ୍ଦ ନାୟକ, ସ୍ୱା-ପାକୁ ନାୟକ, ଜୁନା ନାୟକ, ମଧୁ ନାୟକ, ପି-ଦୁର୍ଗା ନାୟକ, ଦେବାଇ ନାୟକ, ସ୍ୱା-ଦୁର୍ଗା ନାୟକ, ଗୋପ ନାୟକ, ଦୁଲୁମ୍ବ ନାୟକ, ଦ୍ରିବାଣ ନାୟକ, ପି-ଦୁଗା ନାୟକ, ସାବବୁଲୁମ୍ବ ନାୟକ, ପି-ରାଣ୍ଡିଆ ନାୟକ, ପ୍ରଧାନ ନାୟକ, ପି-ଦୁଗା ନାୟକ, କଣ୍ଡୁ ନାୟକ, ପି-ସୁବାସ ନାୟକ, ଗୋପାଳ ନାୟକ, ସାବବୁଲୁ ନାୟକ, ପି-ଦ୍ରିବାଣ ନାୟକ, ଲହାରି ନାୟକ, ସ୍ୱା-ଦ୍ରିବାଣ ନାୟକ, ଜା-ଲୋଧା, ଗ୍ରା-ନିଜଗାଁ
	ସୁନାପୋଖି	୬୨	ବେସରକାରୀ	ଡାହି-୧	୦.୦୮୦	ଚନ୍ଦ୍ରଦେବନ ନାୟକ, ପି-କୁଣ୍ଡ ନାୟକ, ଗୋପାଳ ନାୟକ, ପି-ପାକୁ ନାୟକ, ବନ୍ଦ ନାୟକ, ସ୍ୱା-ପାକୁ ନାୟକ, ଜୁନା ନାୟକ, ମଧୁ ନାୟକ, ପି-ଦୁର୍ଗା ନାୟକ, ଦେବାଇ ନାୟକ, ସ୍ୱା-ଦୁର୍ଗା ନାୟକ, ଗୋପ ନାୟକ, ଦୁଲୁମ୍ବ ନାୟକ, ଦ୍ରିବାଣ ନାୟକ, ପି-ଦୁଗା ନାୟକ, ସାବବୁଲୁମ୍ବ ନାୟକ, ପି-ରାଣ୍ଡିଆ ନାୟକ, ପ୍ରଧାନ ନାୟକ, ପି-ଦୁଗା ନାୟକ, କଣ୍ଡୁ ନାୟକ, ପି-ସୁବାସ ନାୟକ, ଗୋପାଳ ନାୟକ, ସାବବୁଲୁ ନାୟକ, ପି-ଦ୍ରିବାଣ ନାୟକ, ଲହାରି ନାୟକ, ସ୍ୱା-ଦ୍ରିବାଣ ନାୟକ, ଜା-ଲୋଧା, ଗ୍ରା-ନିଜଗାଁ
	ସୁନାପୋଖି	୬୩	ବେସରକାରୀ	ଡାହି-୨	୦.୧୨୦	ଚନ୍ଦ୍ରଦେବନ ନାୟକ, ପି-କୁଣ୍ଡ ନାୟକ, ଗୋପାଳ ନାୟକ, ପି-ପାକୁ ନାୟକ, ବନ୍ଦ ନାୟକ, ସ୍ୱା-ପାକୁ ନାୟକ, ଜୁନା ନାୟକ, ମଧୁ ନାୟକ, ପି-ଦୁର୍ଗା ନାୟକ, ଦେବାଇ ନାୟକ, ସ୍ୱା-ଦୁର୍ଗା ନାୟକ, ଗୋପ ନାୟକ, ଦୁଲୁମ୍ବ ନାୟକ, ଦ୍ରିବାଣ ନାୟକ, ପି-ଦୁଗା ନାୟକ, ସାବବୁଲୁମ୍ବ ନାୟକ, ପି-ରାଣ୍ଡିଆ ନାୟକ, ପ୍ରଧାନ ନାୟକ, ପି-ଦୁଗା ନାୟକ, କଣ୍ଡୁ ନାୟକ, ପି-ସୁବାସ ନାୟକ, ଗୋପାଳ ନାୟକ, ସାବବୁଲୁ ନାୟକ, ପି-ଦ୍ରିବାଣ ନାୟକ, ଲହାରି ନାୟକ, ସ୍ୱା-ଦ୍ରିବାଣ ନାୟକ, ଜା-ଲୋଧା, ଗ୍ରା-ନିଜଗାଁ
	ସୁନାପୋଖି	୬୬	ବେସରକାରୀ	ଡାହି-୧	୦.୦୯୦	ଚନ୍ଦ୍ରଦେବନ ନାୟକ, ପି-କୁଣ୍ଡ ନାୟକ, ଗୋପାଳ ନାୟକ, ପି-ପାକୁ ନାୟକ, ବନ୍ଦ ନାୟକ, ସ୍ୱା-ପାକୁ ନାୟକ, ଜୁନା ନାୟକ
(See Next Page)
